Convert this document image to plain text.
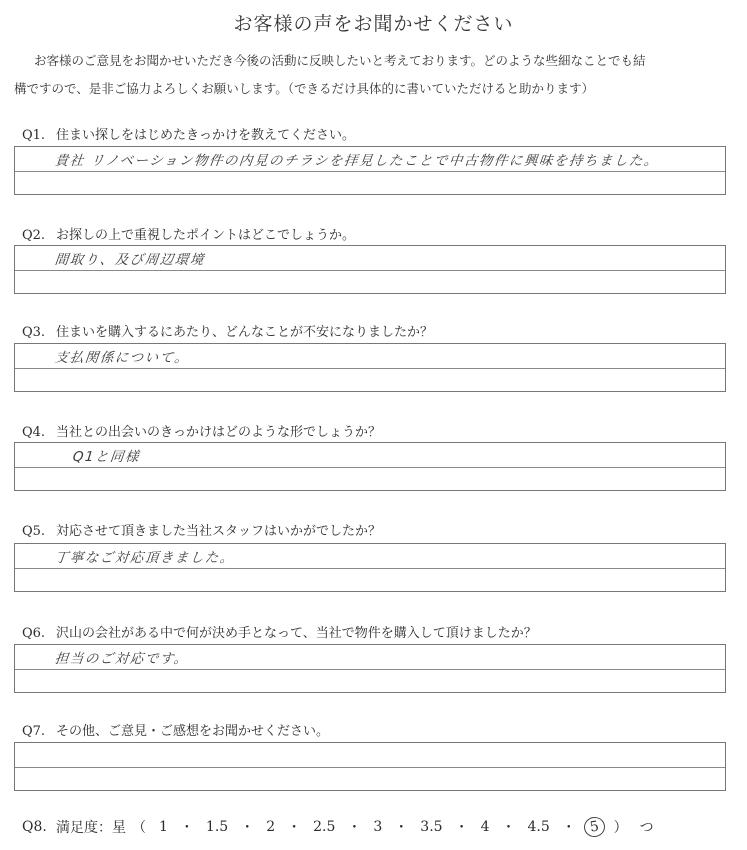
お客様の声をお聞かせください
お客様のご意見をお聞かせいただき今後の活動に反映したいと考えております。どのような些細なことでも結
構ですので、是非ご協力よろしくお願いします。（できるだけ具体的に書いていただけると助かります）
Q1. 住まい探しをはじめたきっかけを教えてください。
貴社 リノベーション物件の内見のチラシを拝見したことで中古物件に興味を持ちました。
Q2. お探しの上で重視したポイントはどこでしょうか。
間取り、及び周辺環境
Q3. 住まいを購入するにあたり、どんなことが不安になりましたか？
支払関係について。
Q4. 当社との出会いのきっかけはどのような形でしょうか？
Q1と同様
Q5. 対応させて頂きました当社スタッフはいかがでしたか？
丁寧なご対応頂きました。
Q6. 沢山の会社がある中で何が決め手となって、当社で物件を購入して頂けましたか？
担当のご対応です。
Q7. その他、ご意見・ご感想をお聞かせください。
Q8. 満足度：星 （ 1 ・ 1.5 ・ 2 ・ 2.5 ・ 3 ・ 3.5 ・ 4 ・ 4.5 ・ 5 ） つ
